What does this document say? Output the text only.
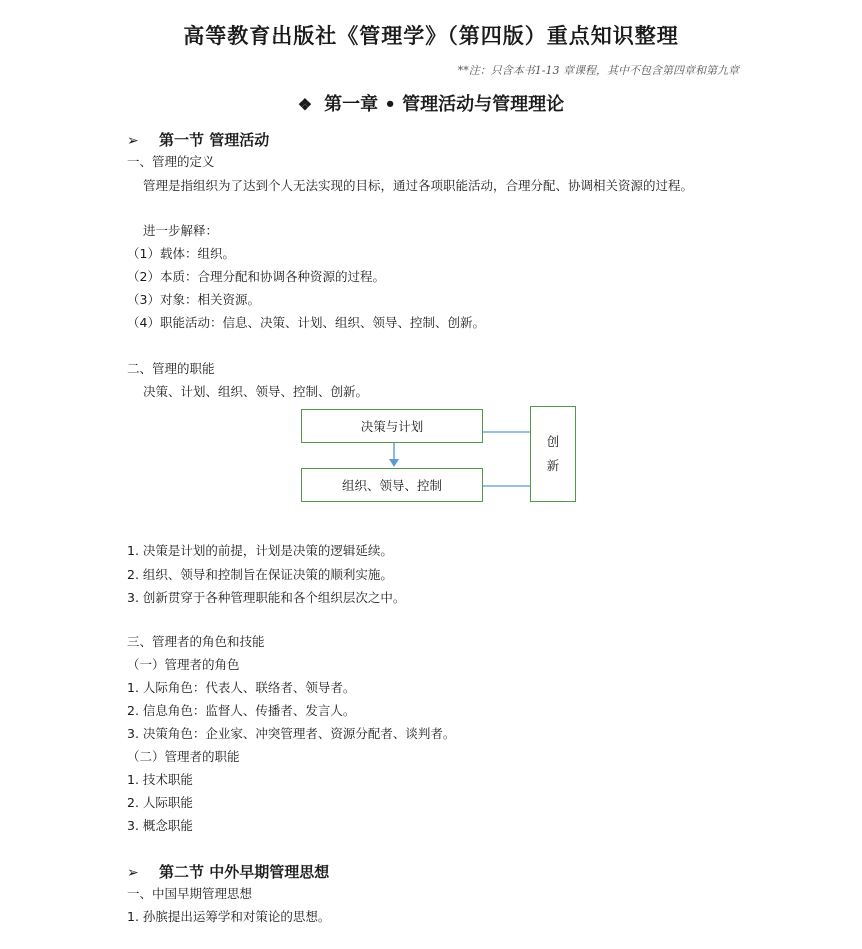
高等教育出版社《管理学》（第四版）重点知识整理
**注：只含本书1-13 章课程，其中不包含第四章和第九章
❖ 第一章 • 管理活动与管理理论
➢ 第一节 管理活动
一、管理的定义
管理是指组织为了达到个人无法实现的目标，通过各项职能活动，合理分配、协调相关资源的过程。
进一步解释：
（1）载体：组织。
（2）本质：合理分配和协调各种资源的过程。
（3）对象：相关资源。
（4）职能活动：信息、决策、计划、组织、领导、控制、创新。
二、管理的职能
决策、计划、组织、领导、控制、创新。
决策与计划
组织、领导、控制
创
新
1. 决策是计划的前提，计划是决策的逻辑延续。
2. 组织、领导和控制旨在保证决策的顺利实施。
3. 创新贯穿于各种管理职能和各个组织层次之中。
三、管理者的角色和技能
（一）管理者的角色
1. 人际角色：代表人、联络者、领导者。
2. 信息角色：监督人、传播者、发言人。
3. 决策角色：企业家、冲突管理者、资源分配者、谈判者。
（二）管理者的职能
1. 技术职能
2. 人际职能
3. 概念职能
➢ 第二节 中外早期管理思想
一、中国早期管理思想
1. 孙膑提出运筹学和对策论的思想。
